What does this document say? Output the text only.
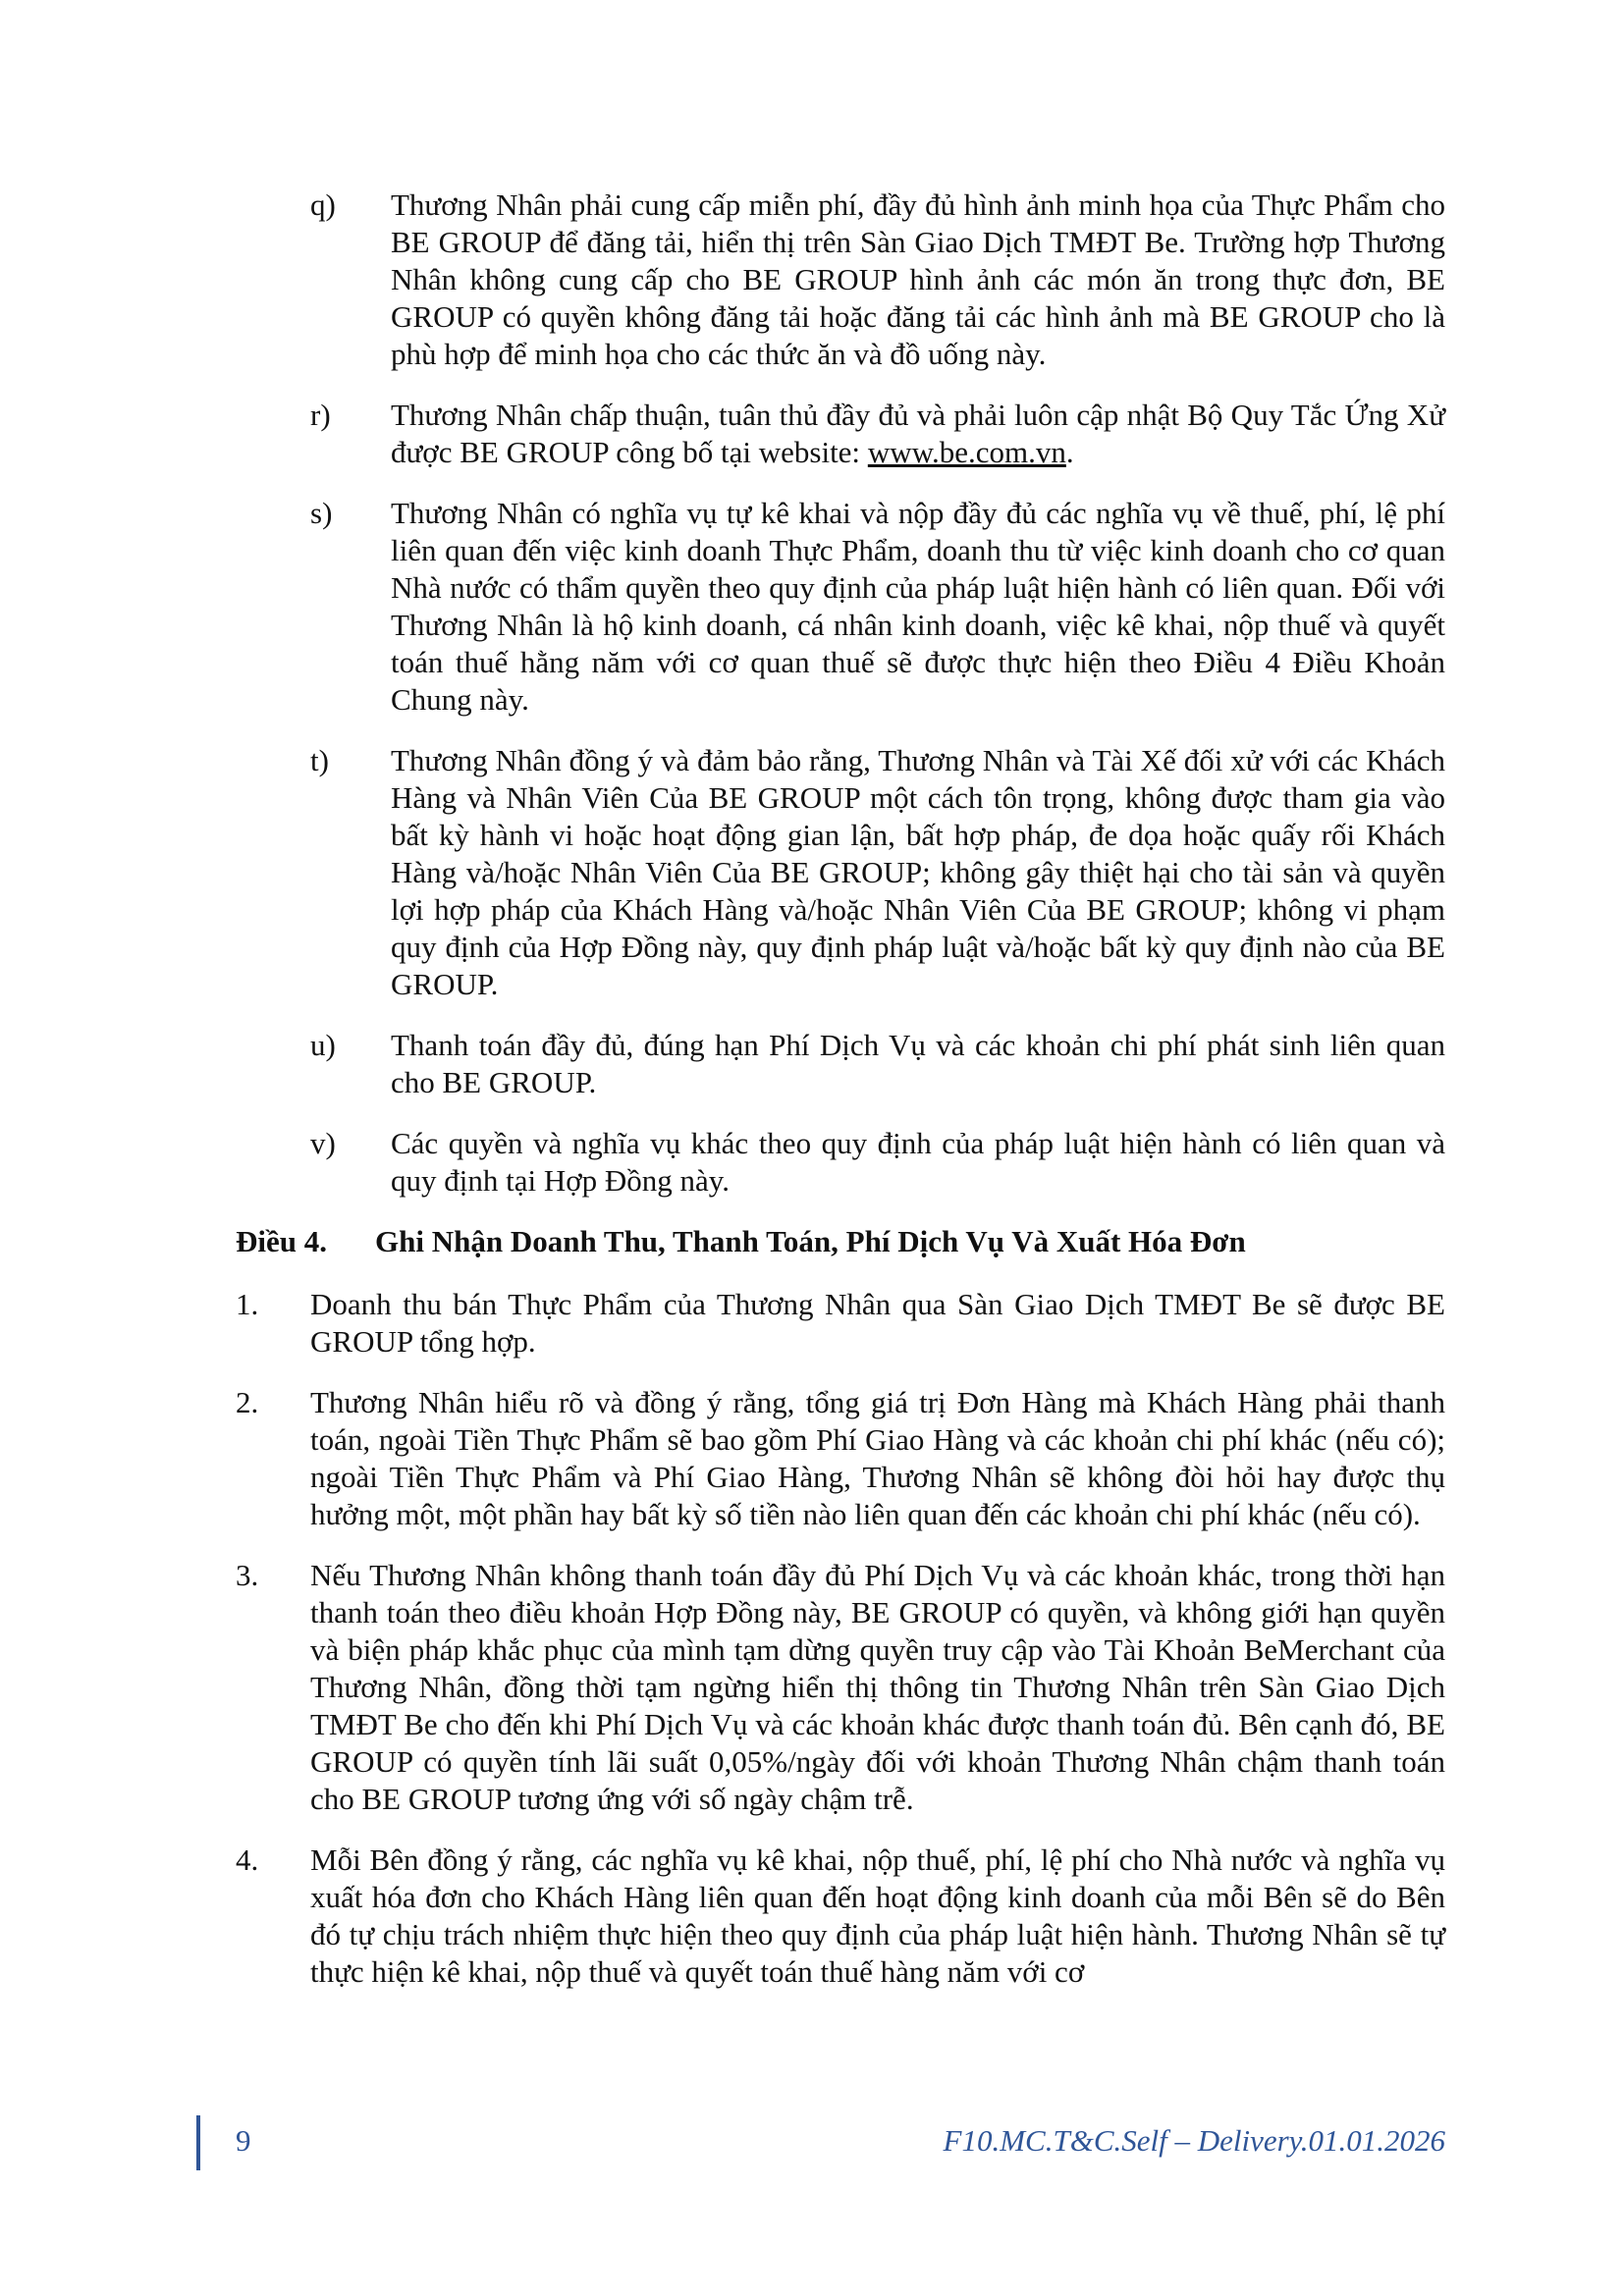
q)	Thương Nhân phải cung cấp miễn phí, đầy đủ hình ảnh minh họa của Thực Phẩm cho BE GROUP để đăng tải, hiển thị trên Sàn Giao Dịch TMĐT Be. Trường hợp Thương Nhân không cung cấp cho BE GROUP hình ảnh các món ăn trong thực đơn, BE GROUP có quyền không đăng tải hoặc đăng tải các hình ảnh mà BE GROUP cho là phù hợp để minh họa cho các thức ăn và đồ uống này.
r)	Thương Nhân chấp thuận, tuân thủ đầy đủ và phải luôn cập nhật Bộ Quy Tắc Ứng Xử được BE GROUP công bố tại website: www.be.com.vn.
s)	Thương Nhân có nghĩa vụ tự kê khai và nộp đầy đủ các nghĩa vụ về thuế, phí, lệ phí liên quan đến việc kinh doanh Thực Phẩm, doanh thu từ việc kinh doanh cho cơ quan Nhà nước có thẩm quyền theo quy định của pháp luật hiện hành có liên quan. Đối với Thương Nhân là hộ kinh doanh, cá nhân kinh doanh, việc kê khai, nộp thuế và quyết toán thuế hằng năm với cơ quan thuế sẽ được thực hiện theo Điều 4 Điều Khoản Chung này.
t)	Thương Nhân đồng ý và đảm bảo rằng, Thương Nhân và Tài Xế đối xử với các Khách Hàng và Nhân Viên Của BE GROUP một cách tôn trọng, không được tham gia vào bất kỳ hành vi hoặc hoạt động gian lận, bất hợp pháp, đe dọa hoặc quấy rối Khách Hàng và/hoặc Nhân Viên Của BE GROUP; không gây thiệt hại cho tài sản và quyền lợi hợp pháp của Khách Hàng và/hoặc Nhân Viên Của BE GROUP; không vi phạm quy định của Hợp Đồng này, quy định pháp luật và/hoặc bất kỳ quy định nào của BE GROUP.
u)	Thanh toán đầy đủ, đúng hạn Phí Dịch Vụ và các khoản chi phí phát sinh liên quan cho BE GROUP.
v)	Các quyền và nghĩa vụ khác theo quy định của pháp luật hiện hành có liên quan và quy định tại Hợp Đồng này.
Điều 4.	Ghi Nhận Doanh Thu, Thanh Toán, Phí Dịch Vụ Và Xuất Hóa Đơn
1.	Doanh thu bán Thực Phẩm của Thương Nhân qua Sàn Giao Dịch TMĐT Be sẽ được BE GROUP tổng hợp.
2.	Thương Nhân hiểu rõ và đồng ý rằng, tổng giá trị Đơn Hàng mà Khách Hàng phải thanh toán, ngoài Tiền Thực Phẩm sẽ bao gồm Phí Giao Hàng và các khoản chi phí khác (nếu có); ngoài Tiền Thực Phẩm và Phí Giao Hàng, Thương Nhân sẽ không đòi hỏi hay được thụ hưởng một, một phần hay bất kỳ số tiền nào liên quan đến các khoản chi phí khác (nếu có).
3.	Nếu Thương Nhân không thanh toán đầy đủ Phí Dịch Vụ và các khoản khác, trong thời hạn thanh toán theo điều khoản Hợp Đồng này, BE GROUP có quyền, và không giới hạn quyền và biện pháp khắc phục của mình tạm dừng quyền truy cập vào Tài Khoản BeMerchant của Thương Nhân, đồng thời tạm ngừng hiển thị thông tin Thương Nhân trên Sàn Giao Dịch TMĐT Be cho đến khi Phí Dịch Vụ và các khoản khác được thanh toán đủ. Bên cạnh đó, BE GROUP có quyền tính lãi suất 0,05%/ngày đối với khoản Thương Nhân chậm thanh toán cho BE GROUP tương ứng với số ngày chậm trễ.
4.	Mỗi Bên đồng ý rằng, các nghĩa vụ kê khai, nộp thuế, phí, lệ phí cho Nhà nước và nghĩa vụ xuất hóa đơn cho Khách Hàng liên quan đến hoạt động kinh doanh của mỗi Bên sẽ do Bên đó tự chịu trách nhiệm thực hiện theo quy định của pháp luật hiện hành. Thương Nhân sẽ tự thực hiện kê khai, nộp thuế và quyết toán thuế hàng năm với cơ
9	F10.MC.T&C.Self – Delivery.01.01.2026
